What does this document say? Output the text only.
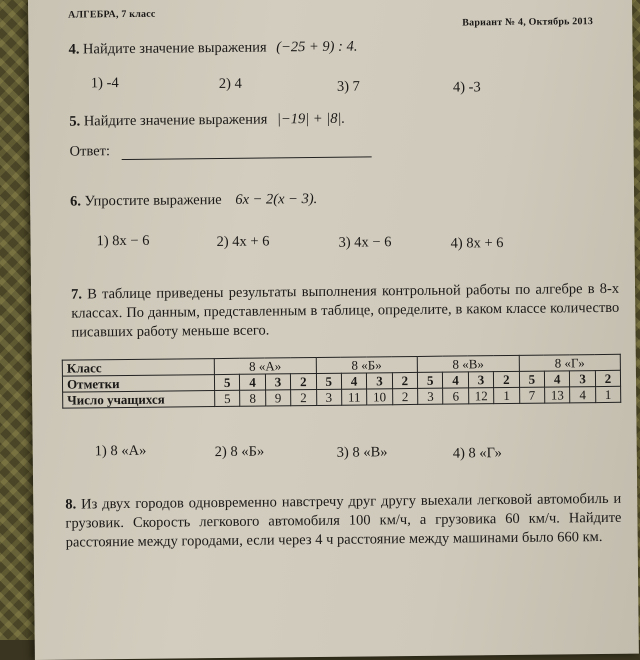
АЛГЕБРА, 7 класс
Вариант № 4, Октябрь 2013
4. Найдите значение выражения (−25 + 9) : 4.
1) -4	2) 4	3) 7	4) -3
5. Найдите значение выражения |−19| + |8|.
Ответ:
6. Упростите выражение 6x − 2(x − 3).
1) 8x − 6	2) 4x + 6	3) 4x − 6	4) 8x + 6
7. В таблице приведены результаты выполнения контрольной работы по алгебре в 8-х классах. По данным, представленным в таблице, определите, в каком классе количество писавших работу меньше всего.
Класс	8 «А»				8 «Б»				8 «В»				8 «Г»			
Отметки	5	4	3	2	5	4	3	2	5	4	3	2	5	4	3	2
Число учащихся	5	8	9	2	3	11	10	2	3	6	12	1	7	13	4	1
1) 8 «А»	2) 8 «Б»	3) 8 «В»	4) 8 «Г»
8. Из двух городов одновременно навстречу друг другу выехали легковой автомобиль и грузовик. Скорость легкового автомобиля 100 км/ч, а грузовика 60 км/ч. Найдите расстояние между городами, если через 4 ч расстояние между машинами было 660 км.
